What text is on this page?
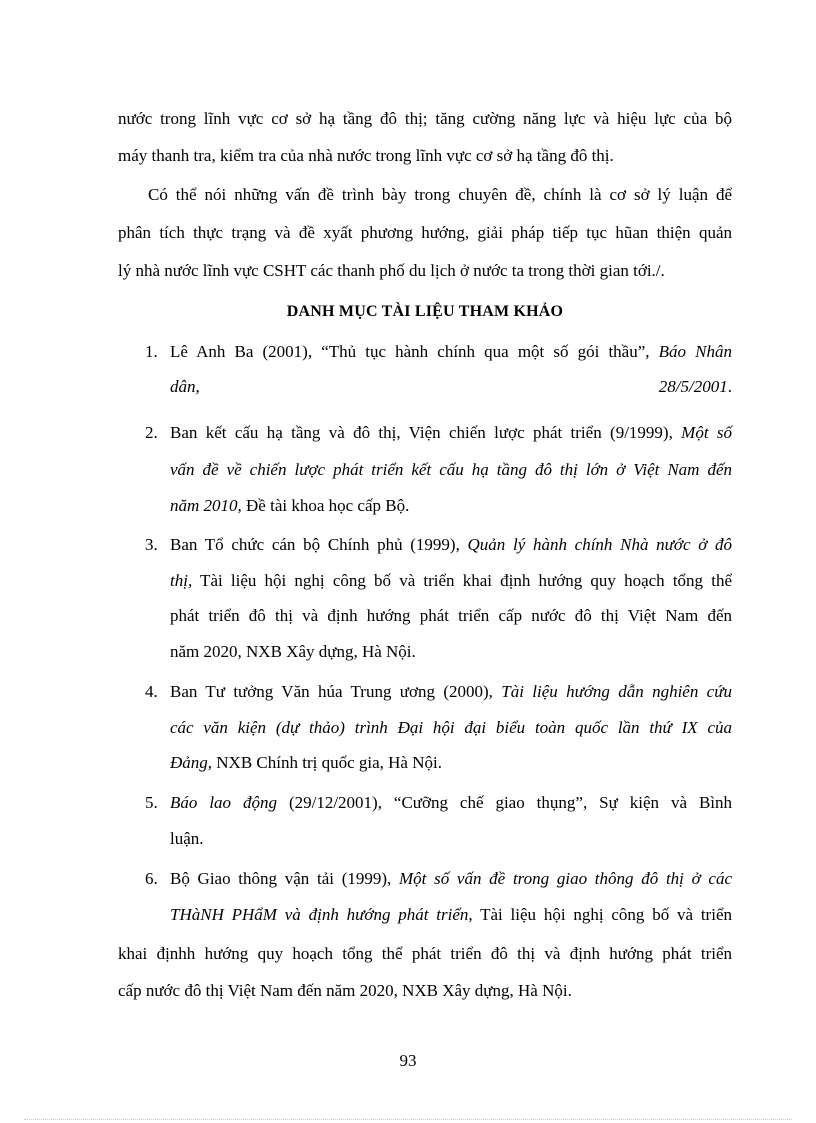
nước trong lĩnh vực cơ sở hạ tầng đô thị; tăng cường năng lực và hiệu lực của bộ
máy thanh tra, kiểm tra của nhà nước trong lĩnh vực cơ sở hạ tầng đô thị.
Có thể nói những vấn đề trình bày trong chuyên đề, chính là cơ sở lý luận để
phân tích thực trạng và đề xyất phương hướng, giải pháp tiếp tục hũan thiện quản
lý nhà nước lĩnh vực CSHT các thanh phố du lịch ở nước ta trong thời gian tới./.
DANH MỤC TÀI LIỆU THAM KHẢO
1. Lê Anh Ba (2001), “Thủ tục hành chính qua một số gói thầu”, Báo Nhân
dân,	28/5/2001.
2. Ban kết cấu hạ tầng và đô thị, Viện chiến lược phát triển (9/1999), Một số
vấn đề về chiến lược phát triển kết cấu hạ tầng đô thị lớn ở Việt Nam đến
năm 2010, Đề tài khoa học cấp Bộ.
3. Ban Tổ chức cán bộ Chính phủ (1999), Quản lý hành chính Nhà nước ở đô
thị, Tài liệu hội nghị công bố và triển khai định hướng quy hoạch tổng thể
phát triển đô thị và định hướng phát triển cấp nước đô thị Việt Nam đến
năm 2020, NXB Xây dựng, Hà Nội.
4. Ban Tư tưởng Văn húa Trung ương (2000), Tài liệu hướng dẫn nghiên cứu
các văn kiện (dự thảo) trình Đại hội đại biểu toàn quốc lần thứ IX của
Đảng, NXB Chính trị quốc gia, Hà Nội.
5. Báo lao động (29/12/2001), “Cưỡng chế giao thụng”, Sự kiện và Bình
luận.
6. Bộ Giao thông vận tải (1999), Một số vấn đề trong giao thông đô thị ở các
THàNH PHẩM và định hướng phát triển, Tài liệu hội nghị công bố và triển
khai địnhh hướng quy hoạch tổng thể phát triển đô thị và định hướng phát triển
cấp nước đô thị Việt Nam đến năm 2020, NXB Xây dựng, Hà Nội.
93
